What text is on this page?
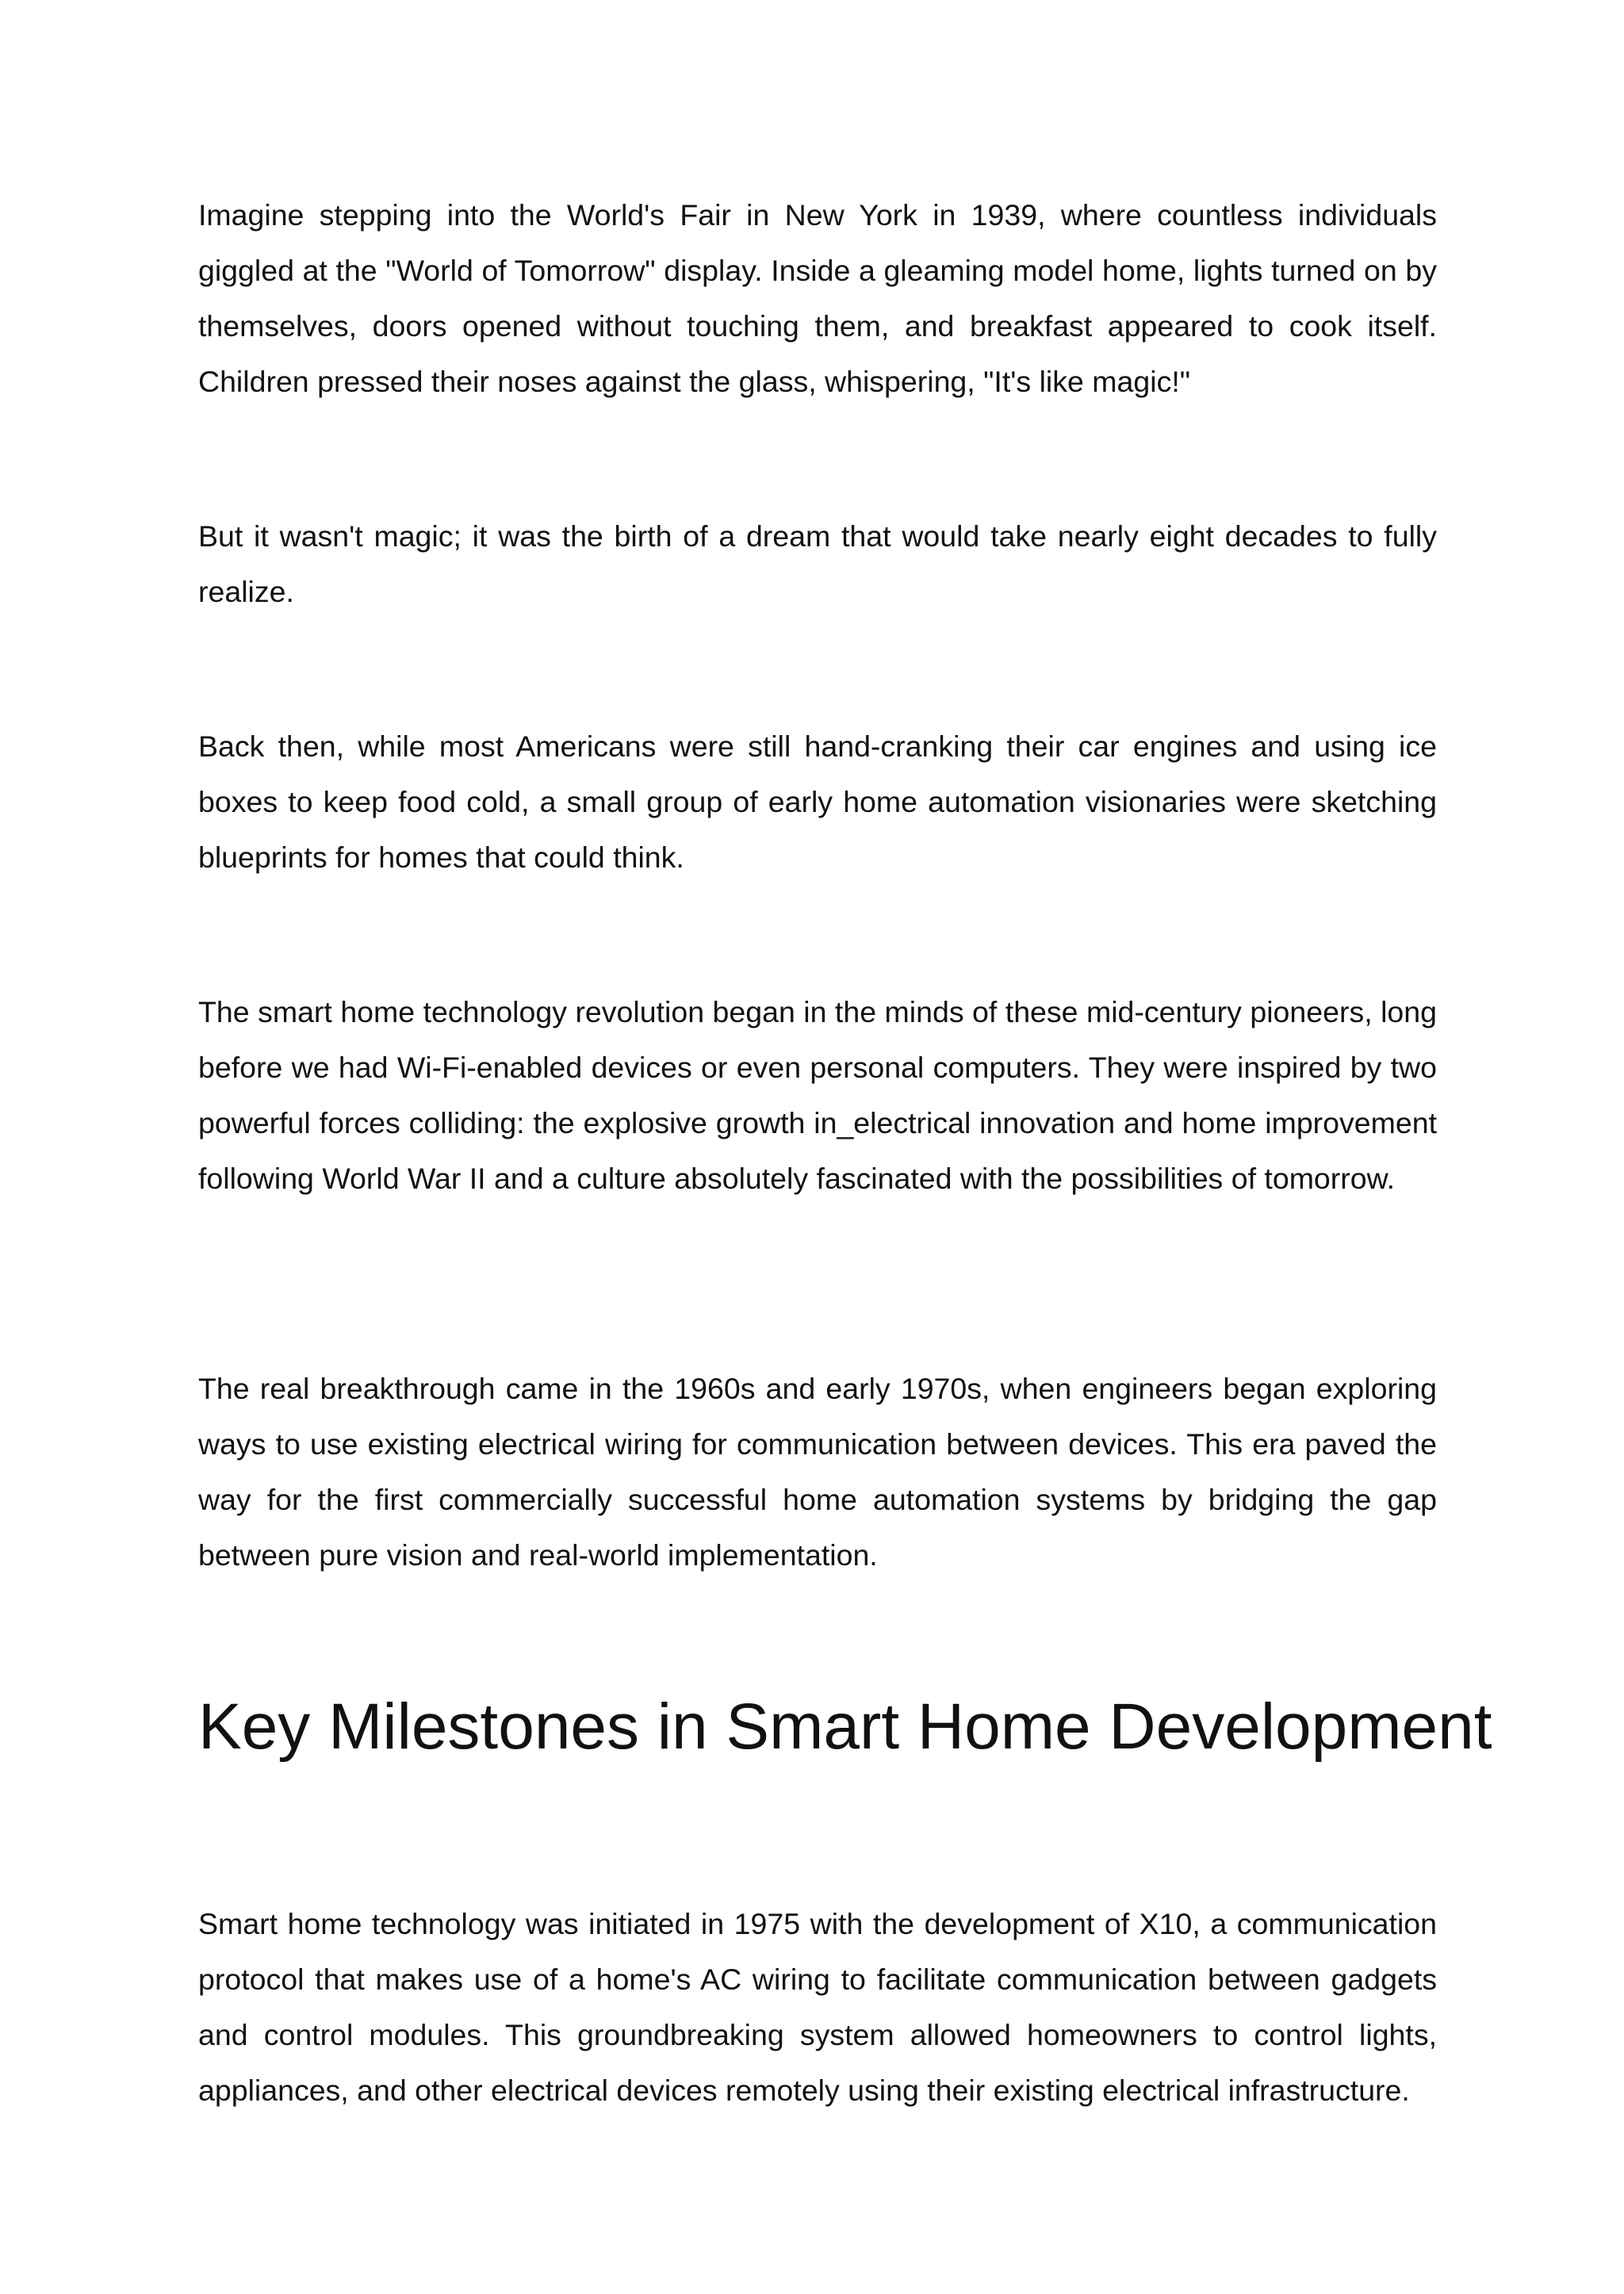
Imagine stepping into the World's Fair in New York in 1939, where countless individuals giggled at the "World of Tomorrow" display. Inside a gleaming model home, lights turned on by themselves, doors opened without touching them, and breakfast appeared to cook itself. Children pressed their noses against the glass, whispering, "It's like magic!"

But it wasn't magic; it was the birth of a dream that would take nearly eight decades to fully realize.

Back then, while most Americans were still hand-cranking their car engines and using ice boxes to keep food cold, a small group of early home automation visionaries were sketching blueprints for homes that could think.

The smart home technology revolution began in the minds of these mid-century pioneers, long before we had Wi-Fi-enabled devices or even personal computers. They were inspired by two powerful forces colliding: the explosive growth in_electrical innovation and home improvement following World War II and a culture absolutely fascinated with the possibilities of tomorrow.

The real breakthrough came in the 1960s and early 1970s, when engineers began exploring ways to use existing electrical wiring for communication between devices. This era paved the way for the first commercially successful home automation systems by bridging the gap between pure vision and real-world implementation.

Key Milestones in Smart Home Development

Smart home technology was initiated in 1975 with the development of X10, a communication protocol that makes use of a home's AC wiring to facilitate communication between gadgets and control modules. This groundbreaking system allowed homeowners to control lights, appliances, and other electrical devices remotely using their existing electrical infrastructure.
